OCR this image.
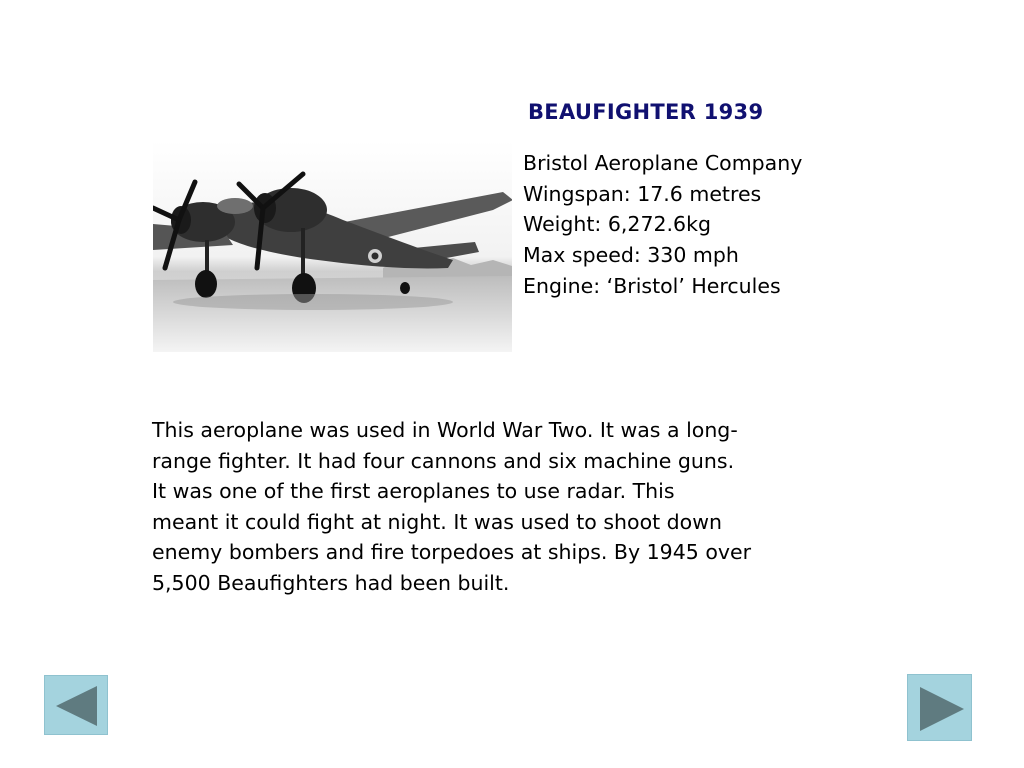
BEAUFIGHTER 1939
Bristol Aeroplane Company
Wingspan: 17.6 metres
Weight: 6,272.6kg
Max speed: 330 mph
Engine: ‘Bristol’ Hercules
This aeroplane was used in World War Two. It was a long-
range fighter. It had four cannons and six machine guns.
It was one of the first aeroplanes to use radar. This
meant it could fight at night. It was used to shoot down
enemy bombers and fire torpedoes at ships. By 1945 over
5,500 Beaufighters had been built.
